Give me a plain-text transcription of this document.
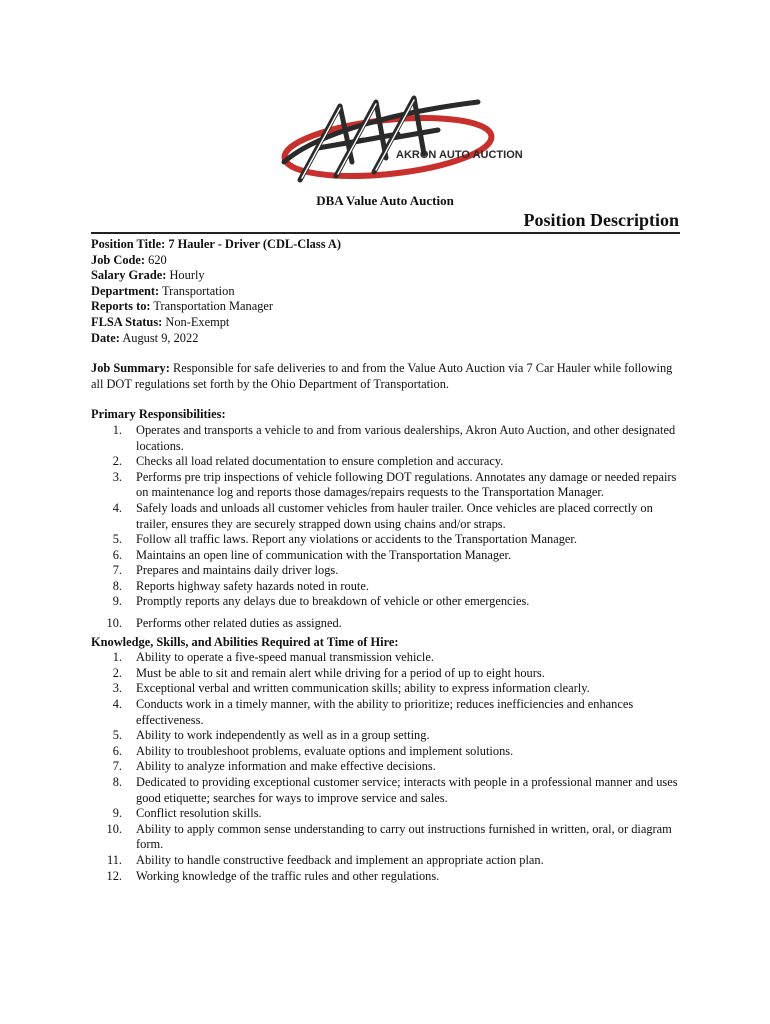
AKRON AUTO AUCTION
DBA Value Auto Auction
Position Description
Position Title: 7 Hauler - Driver (CDL-Class A)
Job Code: 620
Salary Grade: Hourly
Department: Transportation
Reports to: Transportation Manager
FLSA Status: Non-Exempt
Date: August 9, 2022
Job Summary: Responsible for safe deliveries to and from the Value Auto Auction via 7 Car Hauler while following all DOT regulations set forth by the Ohio Department of Transportation.
Primary Responsibilities:
1. Operates and transports a vehicle to and from various dealerships, Akron Auto Auction, and other designated locations.
2. Checks all load related documentation to ensure completion and accuracy.
3. Performs pre trip inspections of vehicle following DOT regulations. Annotates any damage or needed repairs on maintenance log and reports those damages/repairs requests to the Transportation Manager.
4. Safely loads and unloads all customer vehicles from hauler trailer. Once vehicles are placed correctly on trailer, ensures they are securely strapped down using chains and/or straps.
5. Follow all traffic laws. Report any violations or accidents to the Transportation Manager.
6. Maintains an open line of communication with the Transportation Manager.
7. Prepares and maintains daily driver logs.
8. Reports highway safety hazards noted in route.
9. Promptly reports any delays due to breakdown of vehicle or other emergencies.
10. Performs other related duties as assigned.
Knowledge, Skills, and Abilities Required at Time of Hire:
1. Ability to operate a five-speed manual transmission vehicle.
2. Must be able to sit and remain alert while driving for a period of up to eight hours.
3. Exceptional verbal and written communication skills; ability to express information clearly.
4. Conducts work in a timely manner, with the ability to prioritize; reduces inefficiencies and enhances effectiveness.
5. Ability to work independently as well as in a group setting.
6. Ability to troubleshoot problems, evaluate options and implement solutions.
7. Ability to analyze information and make effective decisions.
8. Dedicated to providing exceptional customer service; interacts with people in a professional manner and uses good etiquette; searches for ways to improve service and sales.
9. Conflict resolution skills.
10. Ability to apply common sense understanding to carry out instructions furnished in written, oral, or diagram form.
11. Ability to handle constructive feedback and implement an appropriate action plan.
12. Working knowledge of the traffic rules and other regulations.
